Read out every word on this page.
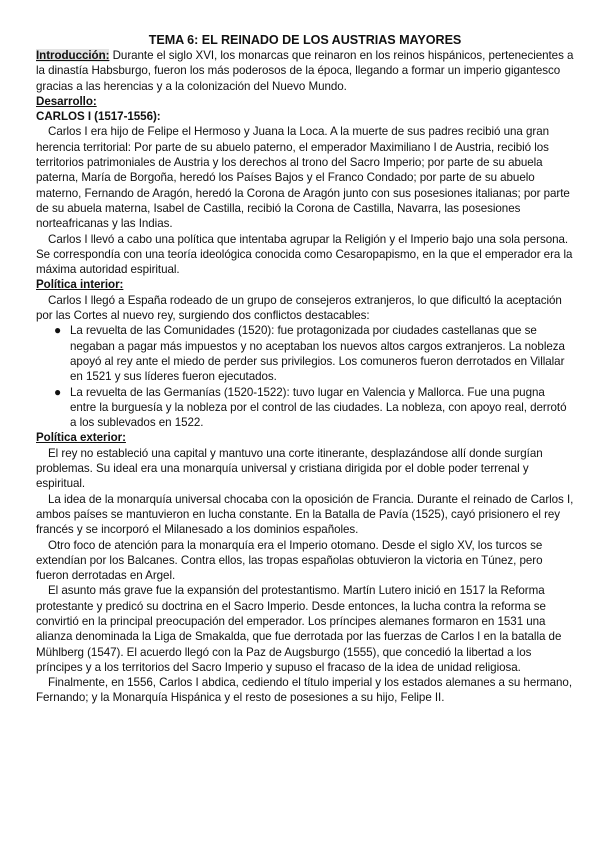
TEMA 6: EL REINADO DE LOS AUSTRIAS MAYORES

Introducción: Durante el siglo XVI, los monarcas que reinaron en los reinos hispánicos, pertenecientes a la dinastía Habsburgo, fueron los más poderosos de la época, llegando a formar un imperio gigantesco gracias a las herencias y a la colonización del Nuevo Mundo.

Desarrollo:

CARLOS I (1517-1556):

Carlos I era hijo de Felipe el Hermoso y Juana la Loca. A la muerte de sus padres recibió una gran herencia territorial: Por parte de su abuelo paterno, el emperador Maximiliano I de Austria, recibió los territorios patrimoniales de Austria y los derechos al trono del Sacro Imperio; por parte de su abuela paterna, María de Borgoña, heredó los Países Bajos y el Franco Condado; por parte de su abuelo materno, Fernando de Aragón, heredó la Corona de Aragón junto con sus posesiones italianas; por parte de su abuela materna, Isabel de Castilla, recibió la Corona de Castilla, Navarra, las posesiones norteafricanas y las Indias.

Carlos I llevó a cabo una política que intentaba agrupar la Religión y el Imperio bajo una sola persona. Se correspondía con una teoría ideológica conocida como Cesaropapismo, en la que el emperador era la máxima autoridad espiritual.

Política interior:

Carlos I llegó a España rodeado de un grupo de consejeros extranjeros, lo que dificultó la aceptación por las Cortes al nuevo rey, surgiendo dos conflictos destacables:

● La revuelta de las Comunidades (1520): fue protagonizada por ciudades castellanas que se negaban a pagar más impuestos y no aceptaban los nuevos altos cargos extranjeros. La nobleza apoyó al rey ante el miedo de perder sus privilegios. Los comuneros fueron derrotados en Villalar en 1521 y sus líderes fueron ejecutados.
● La revuelta de las Germanías (1520-1522): tuvo lugar en Valencia y Mallorca. Fue una pugna entre la burguesía y la nobleza por el control de las ciudades. La nobleza, con apoyo real, derrotó a los sublevados en 1522.

Política exterior:

El rey no estableció una capital y mantuvo una corte itinerante, desplazándose allí donde surgían problemas. Su ideal era una monarquía universal y cristiana dirigida por el doble poder terrenal y espiritual.

La idea de la monarquía universal chocaba con la oposición de Francia. Durante el reinado de Carlos I, ambos países se mantuvieron en lucha constante. En la Batalla de Pavía (1525), cayó prisionero el rey francés y se incorporó el Milanesado a los dominios españoles.

Otro foco de atención para la monarquía era el Imperio otomano. Desde el siglo XV, los turcos se extendían por los Balcanes. Contra ellos, las tropas españolas obtuvieron la victoria en Túnez, pero fueron derrotadas en Argel.

El asunto más grave fue la expansión del protestantismo. Martín Lutero inició en 1517 la Reforma protestante y predicó su doctrina en el Sacro Imperio. Desde entonces, la lucha contra la reforma se convirtió en la principal preocupación del emperador. Los príncipes alemanes formaron en 1531 una alianza denominada la Liga de Smakalda, que fue derrotada por las fuerzas de Carlos I en la batalla de Mühlberg (1547). El acuerdo llegó con la Paz de Augsburgo (1555), que concedió la libertad a los príncipes y a los territorios del Sacro Imperio y supuso el fracaso de la idea de unidad religiosa.

Finalmente, en 1556, Carlos I abdica, cediendo el título imperial y los estados alemanes a su hermano, Fernando; y la Monarquía Hispánica y el resto de posesiones a su hijo, Felipe II.
